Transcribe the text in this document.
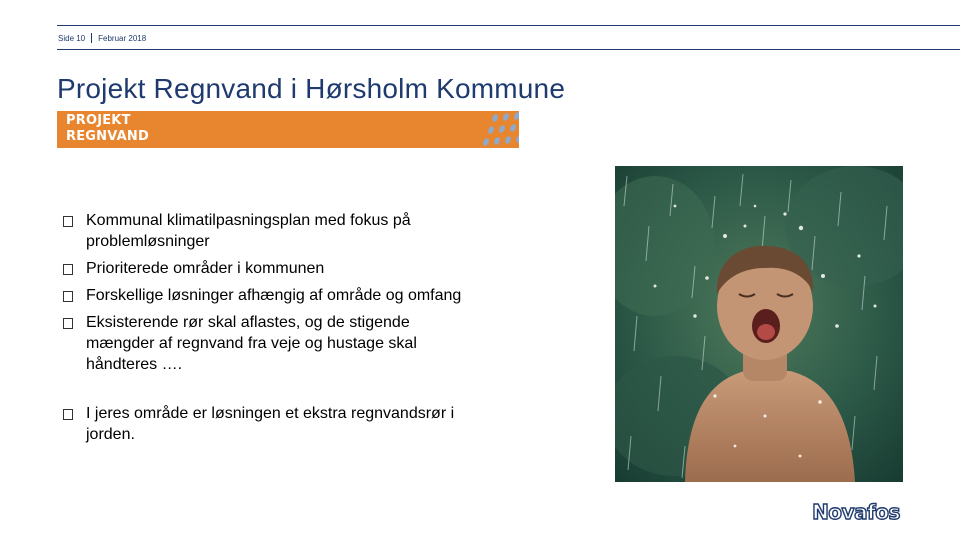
Side 10 Februar 2018
Projekt Regnvand i Hørsholm Kommune
PROJEKT
REGNVAND
Kommunal klimatilpasningsplan med fokus på problemløsninger
Prioriterede områder i kommunen
Forskellige løsninger afhængig af område og omfang
Eksisterende rør skal aflastes, og de stigende mængder af regnvand fra veje og hustage skal håndteres ….
I jeres område er løsningen et ekstra regnvandsrør i jorden.
Novafos
